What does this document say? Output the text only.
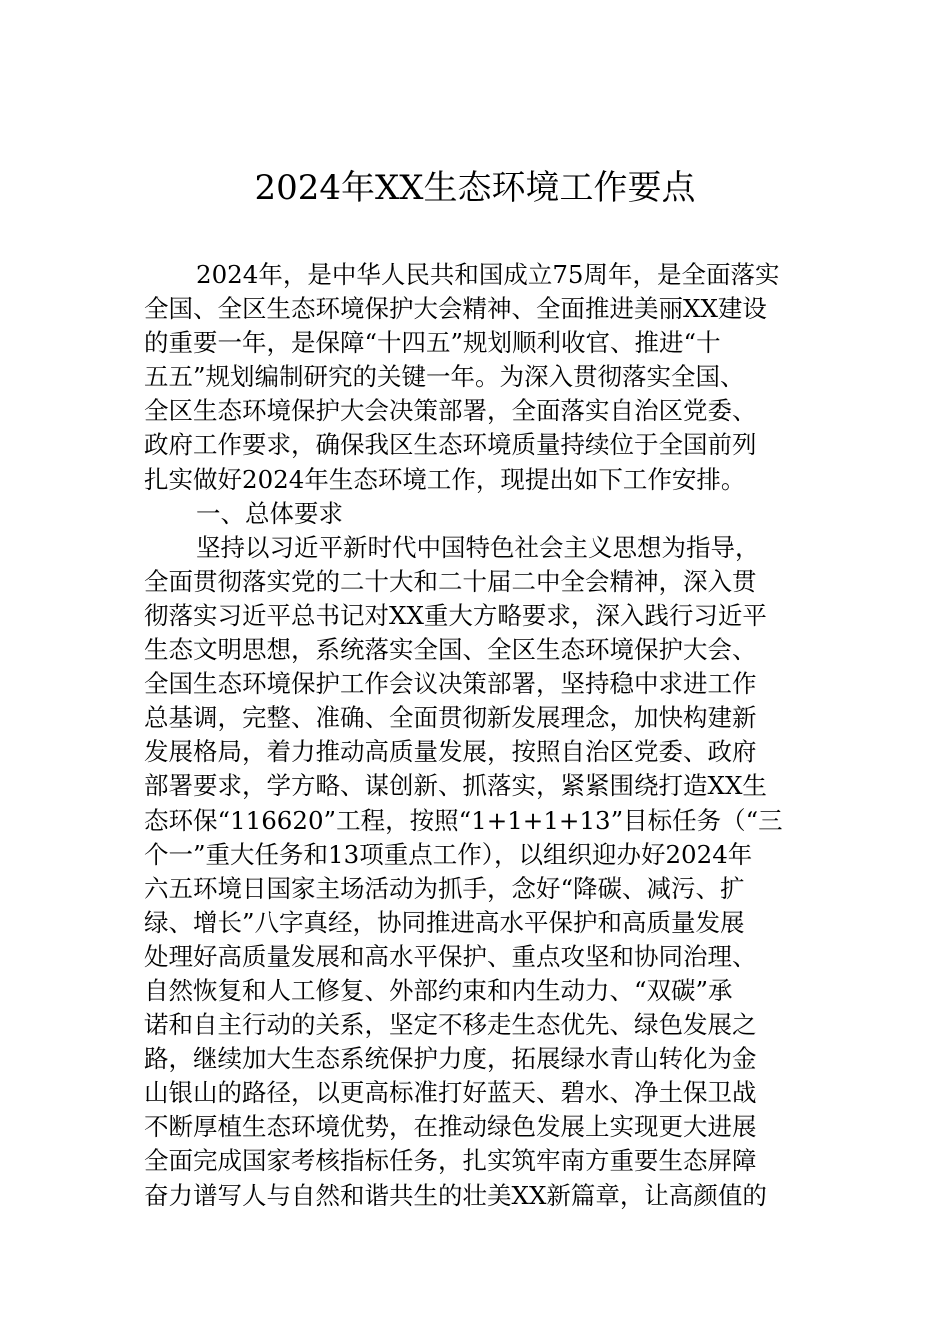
2024年XX生态环境工作要点
2024年，是中华人民共和国成立75周年，是全面落实
全国、全区生态环境保护大会精神、全面推进美丽XX建设
的重要一年，是保障“十四五”规划顺利收官、推进“十
五五”规划编制研究的关键一年。为深入贯彻落实全国、
全区生态环境保护大会决策部署，全面落实自治区党委、
政府工作要求，确保我区生态环境质量持续位于全国前列
扎实做好2024年生态环境工作，现提出如下工作安排。
一、总体要求
坚持以习近平新时代中国特色社会主义思想为指导，
全面贯彻落实党的二十大和二十届二中全会精神，深入贯
彻落实习近平总书记对XX重大方略要求，深入践行习近平
生态文明思想，系统落实全国、全区生态环境保护大会、
全国生态环境保护工作会议决策部署，坚持稳中求进工作
总基调，完整、准确、全面贯彻新发展理念，加快构建新
发展格局，着力推动高质量发展，按照自治区党委、政府
部署要求，学方略、谋创新、抓落实，紧紧围绕打造XX生
态环保“116620”工程，按照“1+1+1+13”目标任务（“三
个一”重大任务和13项重点工作），以组织迎办好2024年
六五环境日国家主场活动为抓手，念好“降碳、减污、扩
绿、增长”八字真经，协同推进高水平保护和高质量发展
处理好高质量发展和高水平保护、重点攻坚和协同治理、
自然恢复和人工修复、外部约束和内生动力、“双碳”承
诺和自主行动的关系，坚定不移走生态优先、绿色发展之
路，继续加大生态系统保护力度，拓展绿水青山转化为金
山银山的路径，以更高标准打好蓝天、碧水、净土保卫战
不断厚植生态环境优势，在推动绿色发展上实现更大进展
全面完成国家考核指标任务，扎实筑牢南方重要生态屏障
奋力谱写人与自然和谐共生的壮美XX新篇章，让高颜值的
